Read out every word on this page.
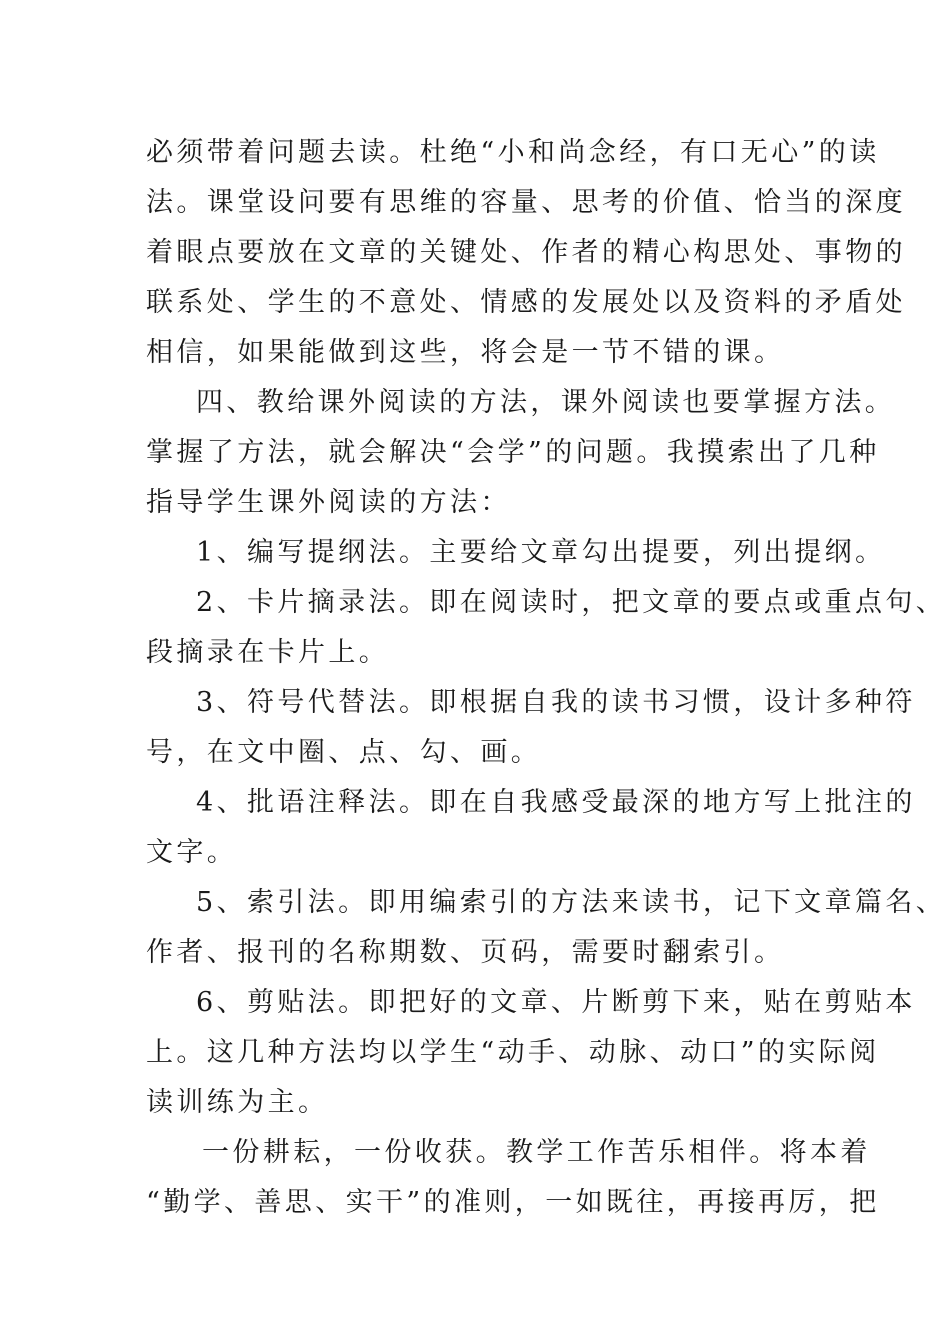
必须带着问题去读。杜绝“小和尚念经，有口无心”的读
法。课堂设问要有思维的容量、思考的价值、恰当的深度
着眼点要放在文章的关键处、作者的精心构思处、事物的
联系处、学生的不意处、情感的发展处以及资料的矛盾处
相信，如果能做到这些，将会是一节不错的课。
四、教给课外阅读的方法，课外阅读也要掌握方法。
掌握了方法，就会解决“会学”的问题。我摸索出了几种
指导学生课外阅读的方法：
1、编写提纲法。主要给文章勾出提要，列出提纲。
2、卡片摘录法。即在阅读时，把文章的要点或重点句、
段摘录在卡片上。
3、符号代替法。即根据自我的读书习惯，设计多种符
号，在文中圈、点、勾、画。
4、批语注释法。即在自我感受最深的地方写上批注的
文字。
5、索引法。即用编索引的方法来读书，记下文章篇名、
作者、报刊的名称期数、页码，需要时翻索引。
6、剪贴法。即把好的文章、片断剪下来，贴在剪贴本
上。这几种方法均以学生“动手、动脉、动口”的实际阅
读训练为主。
一份耕耘，一份收获。教学工作苦乐相伴。将本着
“勤学、善思、实干”的准则，一如既往，再接再厉，把
